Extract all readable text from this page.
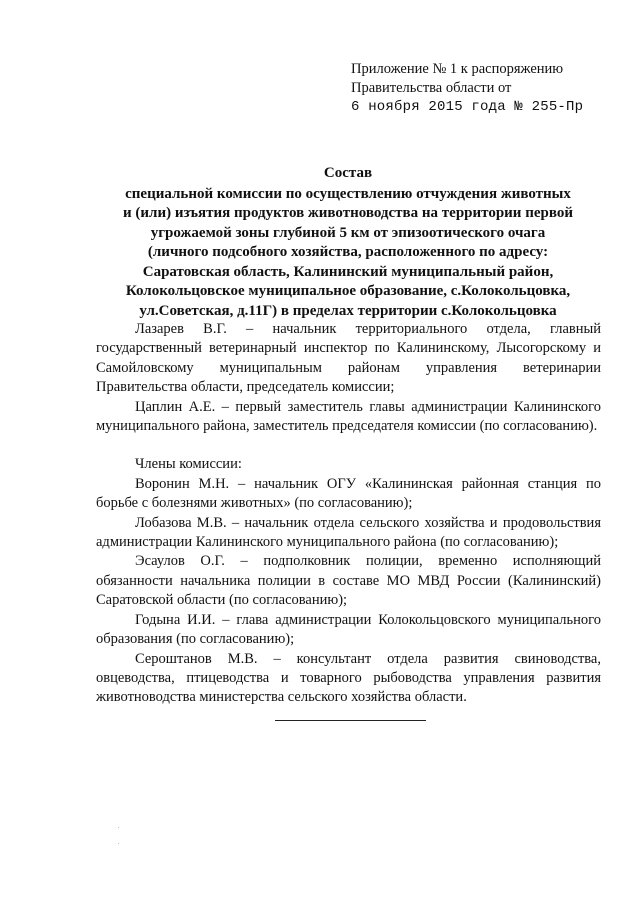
Приложение № 1 к распоряжению
Правительства области от
6 ноября 2015 года № 255-Пр
Состав
специальной комиссии по осуществлению отчуждения животных
и (или) изъятия продуктов животноводства на территории первой
угрожаемой зоны глубиной 5 км от эпизоотического очага
(личного подсобного хозяйства, расположенного по адресу:
Саратовская область, Калининский муниципальный район,
Колокольцовское муниципальное образование, с.Колокольцовка,
ул.Советская, д.11Г) в пределах территории с.Колокольцовка

Лазарев В.Г. – начальник территориального отдела, главный государственный ветеринарный инспектор по Калининскому, Лысогорскому и Самойловскому муниципальным районам управления ветеринарии Правительства области, председатель комиссии;

Цаплин А.Е. – первый заместитель главы администрации Калининского муниципального района, заместитель председателя комиссии (по согласованию).

Члены комиссии:

Воронин М.Н. – начальник ОГУ «Калининская районная станция по борьбе с болезнями животных» (по согласованию);

Лобазова М.В. – начальник отдела сельского хозяйства и продовольствия администрации Калининского муниципального района (по согласованию);

Эсаулов О.Г. – подполковник полиции, временно исполняющий обязанности начальника полиции в составе МО МВД России (Калининский) Саратовской области (по согласованию);

Годына И.И. – глава администрации Колокольцовского муниципального образования (по согласованию);

Сероштанов М.В. – консультант отдела развития свиноводства, овцеводства, птицеводства и товарного рыбоводства управления развития животноводства министерства сельского хозяйства области.
